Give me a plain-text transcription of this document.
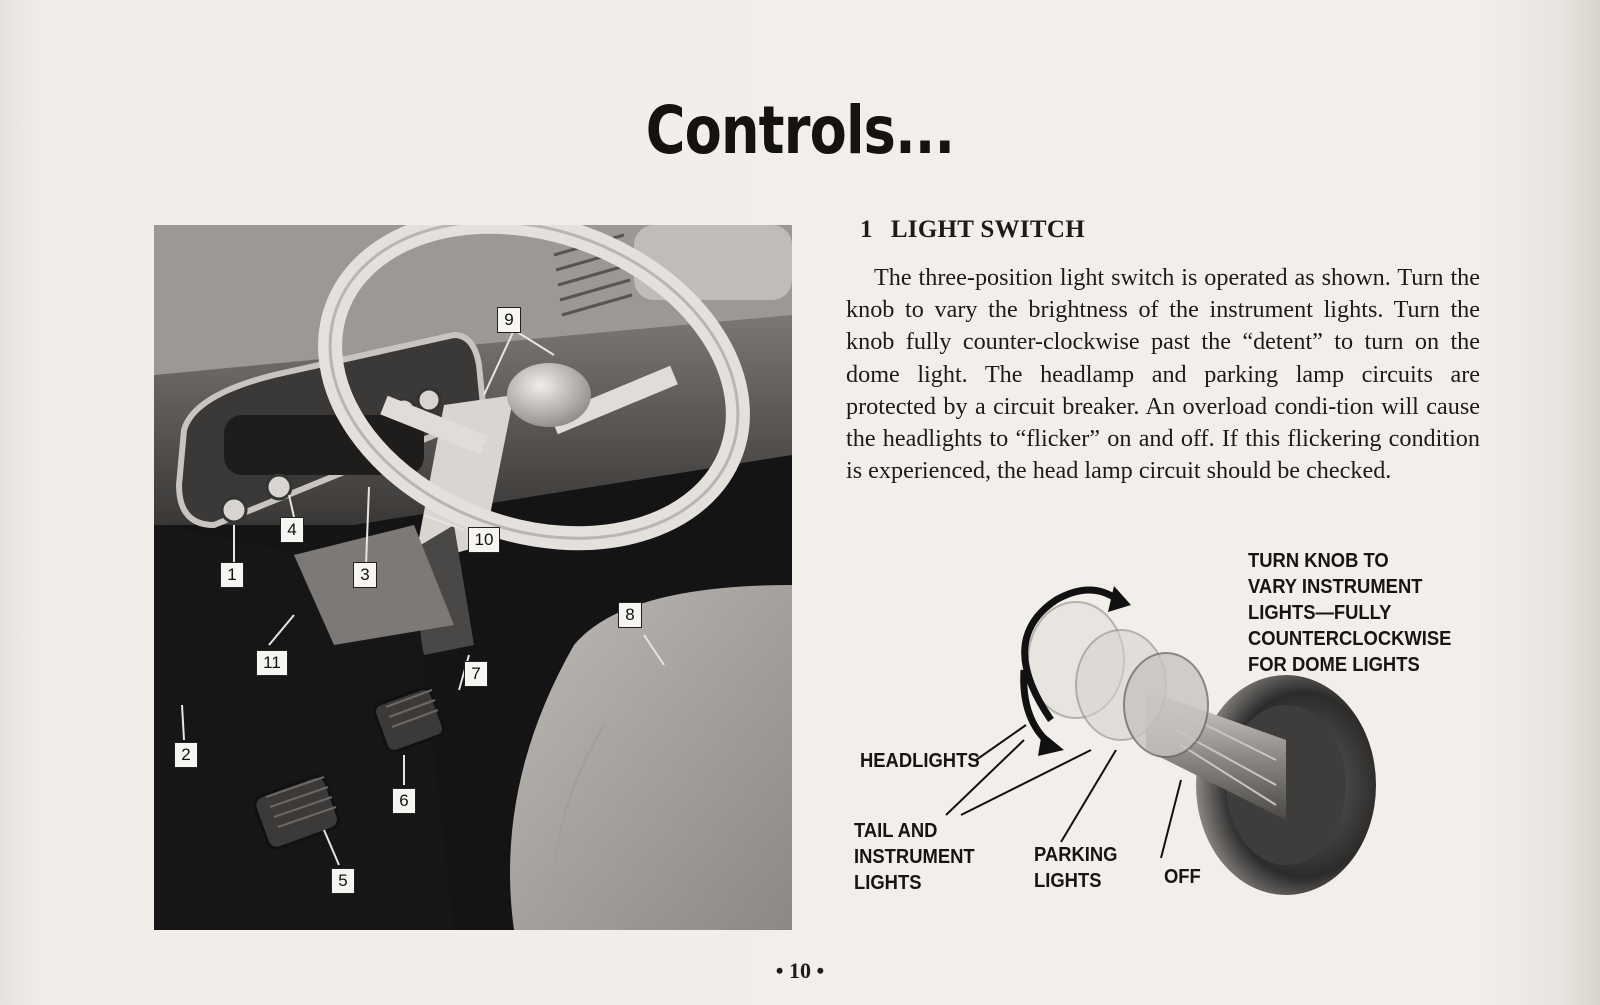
Controls...
1
2
3
4
5
6
7
8
9
10
11
1 LIGHT SWITCH
The three-position light switch is operated as shown. Turn the knob to vary the brightness of the instrument lights. Turn the knob fully counter-clockwise past the “detent” to turn on the dome light. The headlamp and parking lamp circuits are protected by a circuit breaker. An overload condi-tion will cause the headlights to “flicker” on and off. If this flickering condition is experienced, the head lamp circuit should be checked.
TURN KNOB TO
VARY INSTRUMENT
LIGHTS—FULLY
COUNTERCLOCKWISE
FOR DOME LIGHTS
HEADLIGHTS
TAIL AND
INSTRUMENT
LIGHTS
PARKING
LIGHTS	OFF
• 10 •
